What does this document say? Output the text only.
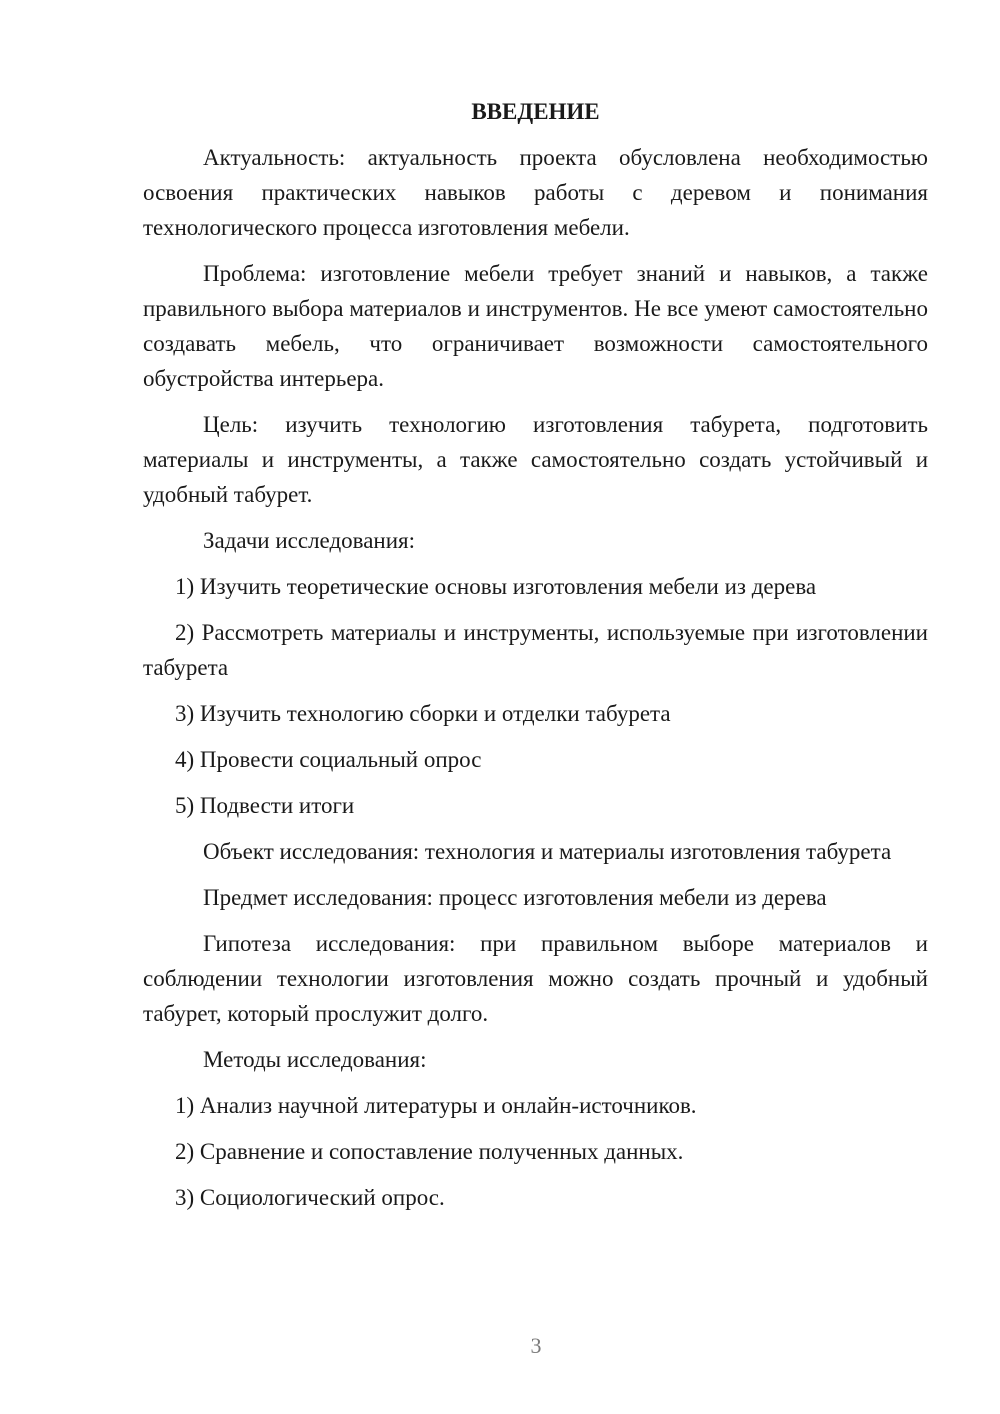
ВВЕДЕНИЕ

Актуальность: актуальность проекта обусловлена необходимостью освоения практических навыков работы с деревом и понимания технологического процесса изготовления мебели.

Проблема: изготовление мебели требует знаний и навыков, а также правильного выбора материалов и инструментов. Не все умеют самостоятельно создавать мебель, что ограничивает возможности самостоятельного обустройства интерьера.

Цель: изучить технологию изготовления табурета, подготовить материалы и инструменты, а также самостоятельно создать устойчивый и удобный табурет.

Задачи исследования:

1) Изучить теоретические основы изготовления мебели из дерева

2) Рассмотреть материалы и инструменты, используемые при изготовлении табурета

3) Изучить технологию сборки и отделки табурета

4) Провести социальный опрос

5) Подвести итоги

Объект исследования: технология и материалы изготовления табурета

Предмет исследования: процесс изготовления мебели из дерева

Гипотеза исследования: при правильном выборе материалов и соблюдении технологии изготовления можно создать прочный и удобный табурет, который прослужит долго.

Методы исследования:

1) Анализ научной литературы и онлайн-источников.

2) Сравнение и сопоставление полученных данных.

3) Социологический опрос.

3
